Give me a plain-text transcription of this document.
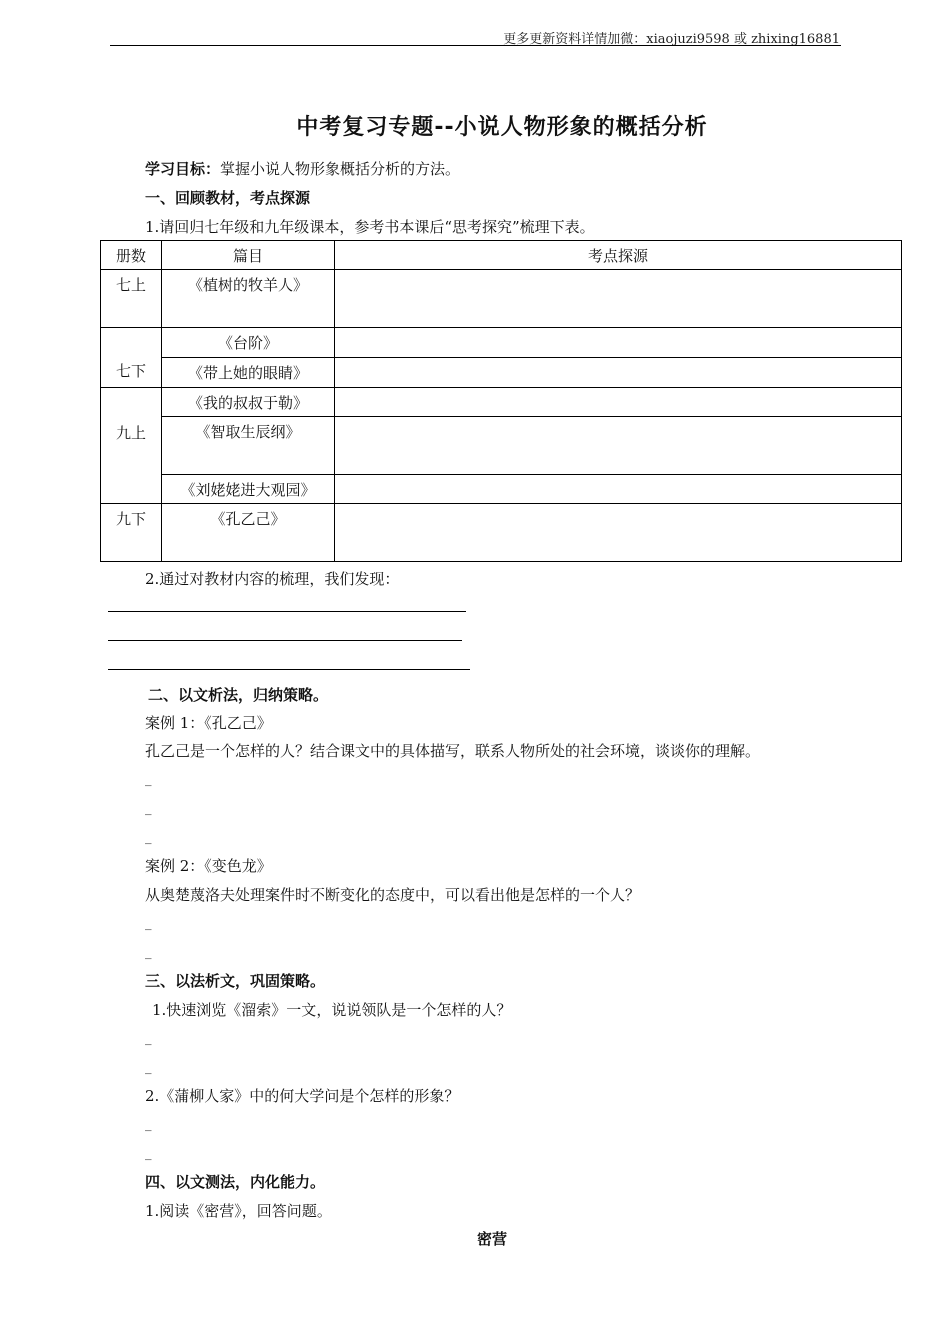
更多更新资料详情加微：xiaojuzi9598 或 zhixing16881
中考复习专题--小说人物形象的概括分析
学习目标：掌握小说人物形象概括分析的方法。
一、回顾教材，考点探源
1.请回归七年级和九年级课本，参考书本课后“思考探究”梳理下表。
册数	篇目	考点探源

七上	《植树的牧羊人》	

七下	《台阶》	

	《带上她的眼睛》	

九上	《我的叔叔于勒》	

	《智取生辰纲》	

	《刘姥姥进大观园》	

九下	《孔乙己》	

2.通过对教材内容的梳理，我们发现：
二、以文析法，归纳策略。
案例 1：《孔乙己》
孔乙己是一个怎样的人？结合课文中的具体描写，联系人物所处的社会环境，谈谈你的理解。
_
_
_
案例 2：《变色龙》
从奥楚蔑洛夫处理案件时不断变化的态度中，可以看出他是怎样的一个人？
_
_
三、以法析文，巩固策略。
1.快速浏览《溜索》一文，说说领队是一个怎样的人？
_
_
2.《蒲柳人家》中的何大学问是个怎样的形象？
_
_
四、以文测法，内化能力。
1.阅读《密营》，回答问题。
密营
